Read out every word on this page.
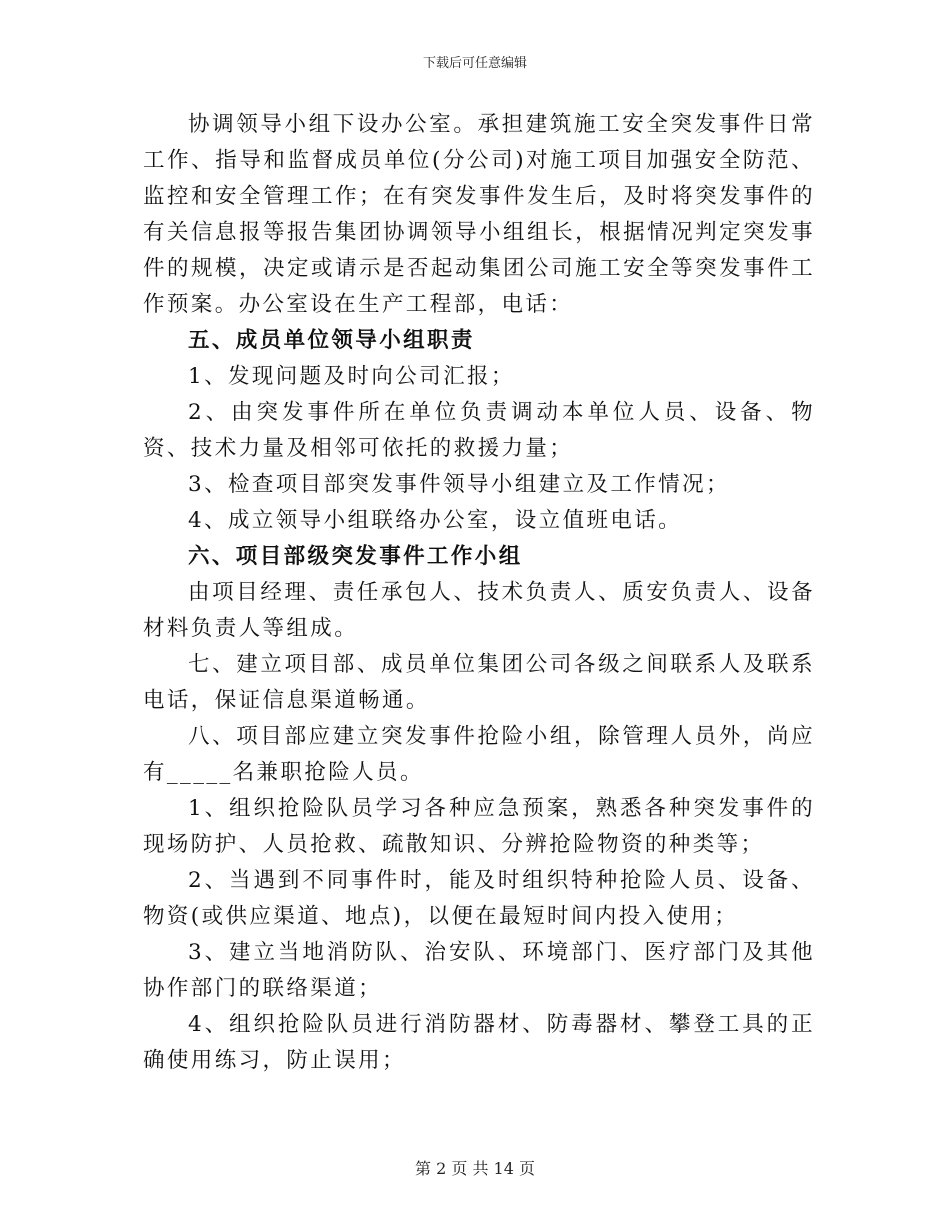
下载后可任意编辑

协调领导小组下设办公室。承担建筑施工安全突发事件日常工作、指导和监督成员单位(分公司)对施工项目加强安全防范、监控和安全管理工作；在有突发事件发生后，及时将突发事件的有关信息报等报告集团协调领导小组组长，根据情况判定突发事件的规模，决定或请示是否起动集团公司施工安全等突发事件工作预案。办公室设在生产工程部，电话：

五、成员单位领导小组职责

1、发现问题及时向公司汇报；

2、由突发事件所在单位负责调动本单位人员、设备、物资、技术力量及相邻可依托的救援力量；

3、检查项目部突发事件领导小组建立及工作情况；

4、成立领导小组联络办公室，设立值班电话。

六、项目部级突发事件工作小组

由项目经理、责任承包人、技术负责人、质安负责人、设备材料负责人等组成。

七、建立项目部、成员单位集团公司各级之间联系人及联系电话，保证信息渠道畅通。

八、项目部应建立突发事件抢险小组，除管理人员外，尚应有_____名兼职抢险人员。

1、组织抢险队员学习各种应急预案，熟悉各种突发事件的现场防护、人员抢救、疏散知识、分辨抢险物资的种类等；

2、当遇到不同事件时，能及时组织特种抢险人员、设备、物资(或供应渠道、地点)，以便在最短时间内投入使用；

3、建立当地消防队、治安队、环境部门、医疗部门及其他协作部门的联络渠道；

4、组织抢险队员进行消防器材、防毒器材、攀登工具的正确使用练习，防止误用；

第 2 页 共 14 页
